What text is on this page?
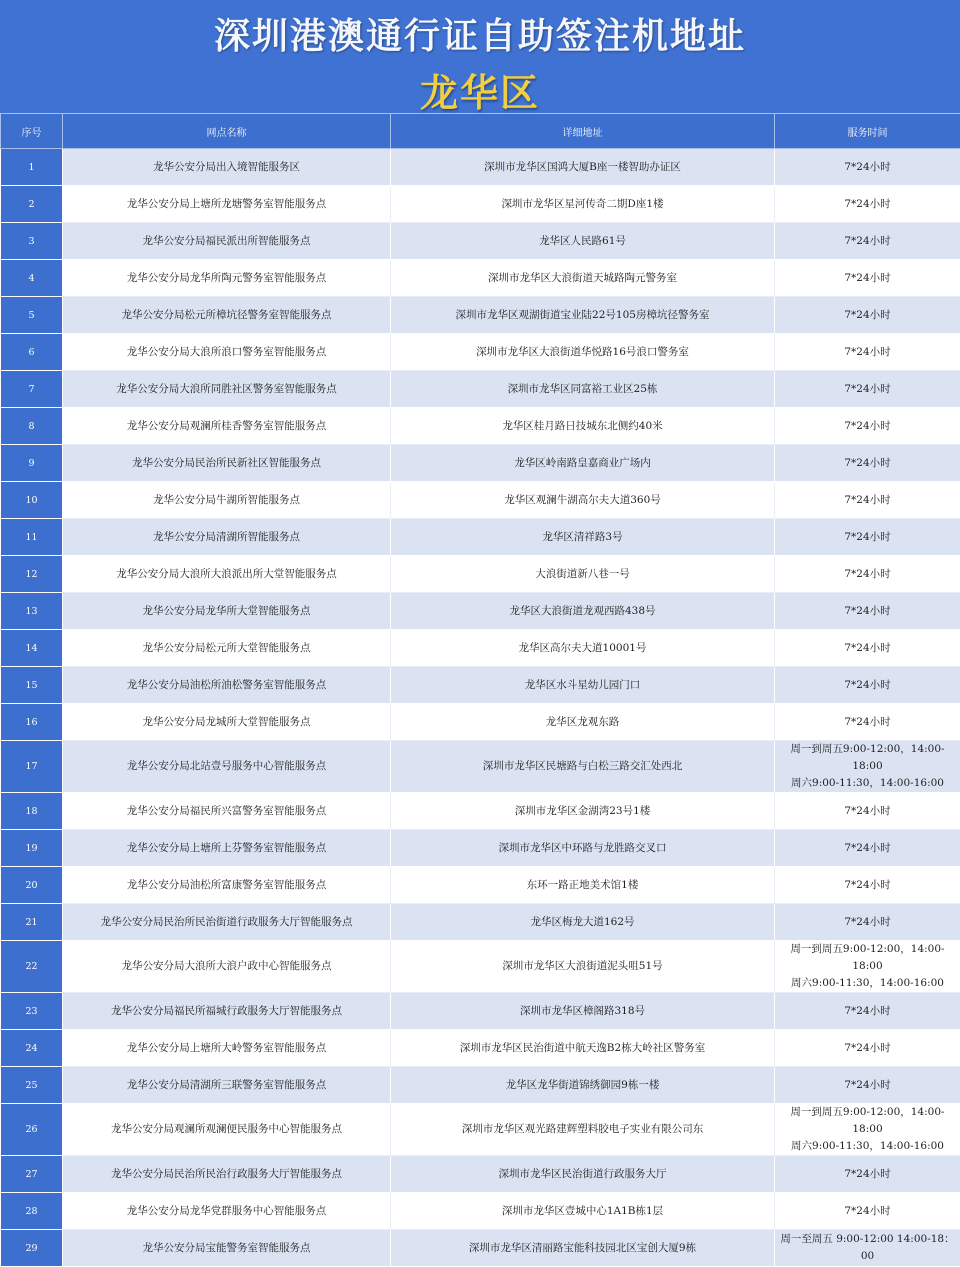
深圳港澳通行证自助签注机地址
龙华区
序号	网点名称	详细地址	服务时间
1	龙华公安分局出入境智能服务区	深圳市龙华区国鸿大厦B座一楼智助办证区	7*24小时

2	龙华公安分局上塘所龙塘警务室智能服务点	深圳市龙华区星河传奇二期D座1楼	7*24小时

3	龙华公安分局福民派出所智能服务点	龙华区人民路61号	7*24小时

4	龙华公安分局龙华所陶元警务室智能服务点	深圳市龙华区大浪街道天城路陶元警务室	7*24小时

5	龙华公安分局松元所樟坑径警务室智能服务点	深圳市龙华区观湖街道宝业陆22号105房樟坑径警务室	7*24小时

6	龙华公安分局大浪所浪口警务室智能服务点	深圳市龙华区大浪街道华悦路16号浪口警务室	7*24小时

7	龙华公安分局大浪所同胜社区警务室智能服务点	深圳市龙华区同富裕工业区25栋	7*24小时

8	龙华公安分局观澜所桂香警务室智能服务点	龙华区桂月路日技城东北侧约40米	7*24小时

9	龙华公安分局民治所民新社区智能服务点	龙华区岭南路皇嘉商业广场内	7*24小时

10	龙华公安分局牛湖所智能服务点	龙华区观澜牛湖高尔夫大道360号	7*24小时

11	龙华公安分局清湖所智能服务点	龙华区清祥路3号	7*24小时

12	龙华公安分局大浪所大浪派出所大堂智能服务点	大浪街道新八巷一号	7*24小时

13	龙华公安分局龙华所大堂智能服务点	龙华区大浪街道龙观西路438号	7*24小时

14	龙华公安分局松元所大堂智能服务点	龙华区高尔夫大道10001号	7*24小时

15	龙华公安分局油松所油松警务室智能服务点	龙华区水斗星幼儿园门口	7*24小时

16	龙华公安分局龙城所大堂智能服务点	龙华区龙观东路	7*24小时

17	龙华公安分局北站壹号服务中心智能服务点	深圳市龙华区民塘路与白松三路交汇处西北	周一到周五9:00-12:00，14:00-18:00
周六9:00-11:30，14:00-16:00

18	龙华公安分局福民所兴富警务室智能服务点	深圳市龙华区金湖湾23号1楼	7*24小时

19	龙华公安分局上塘所上芬警务室智能服务点	深圳市龙华区中环路与龙胜路交叉口	7*24小时

20	龙华公安分局油松所富康警务室智能服务点	东环一路正地美术馆1楼	7*24小时

21	龙华公安分局民治所民治街道行政服务大厅智能服务点	龙华区梅龙大道162号	7*24小时

22	龙华公安分局大浪所大浪户政中心智能服务点	深圳市龙华区大浪街道泥头咀51号	周一到周五9:00-12:00，14:00-18:00
周六9:00-11:30，14:00-16:00

23	龙华公安分局福民所福城行政服务大厅智能服务点	深圳市龙华区樟阁路318号	7*24小时

24	龙华公安分局上塘所大岭警务室智能服务点	深圳市龙华区民治街道中航天逸B2栋大岭社区警务室	7*24小时

25	龙华公安分局清湖所三联警务室智能服务点	龙华区龙华街道锦绣御园9栋一楼	7*24小时

26	龙华公安分局观澜所观澜便民服务中心智能服务点	深圳市龙华区观光路建辉塑料胶电子实业有限公司东	周一到周五9:00-12:00，14:00-18:00
周六9:00-11:30，14:00-16:00

27	龙华公安分局民治所民治行政服务大厅智能服务点	深圳市龙华区民治街道行政服务大厅	7*24小时

28	龙华公安分局龙华党群服务中心智能服务点	深圳市龙华区壹城中心1A1B栋1层	7*24小时

29	龙华公安分局宝能警务室智能服务点	深圳市龙华区清丽路宝能科技园北区宝创大厦9栋	周一至周五 9:00-12:00 14:00-18：00
